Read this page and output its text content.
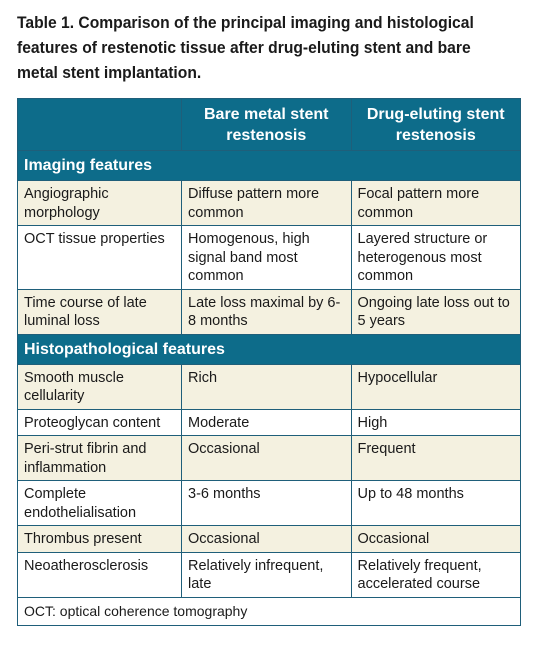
Table 1. Comparison of the principal imaging and histological features of restenotic tissue after drug-eluting stent and bare metal stent implantation.
	Bare metal stent restenosis	Drug-eluting stent restenosis
Imaging features		
Angiographic morphology	Diffuse pattern more common	Focal pattern more common
OCT tissue properties	Homogenous, high signal band most common	Layered structure or heterogenous most common
Time course of late luminal loss	Late loss maximal by 6-8 months	Ongoing late loss out to 5 years
Histopathological features		
Smooth muscle cellularity	Rich	Hypocellular
Proteoglycan content	Moderate	High
Peri-strut fibrin and inflammation	Occasional	Frequent
Complete endothelialisation	3-6 months	Up to 48 months
Thrombus present	Occasional	Occasional
Neoatherosclerosis	Relatively infrequent, late	Relatively frequent, accelerated course
OCT: optical coherence tomography		
